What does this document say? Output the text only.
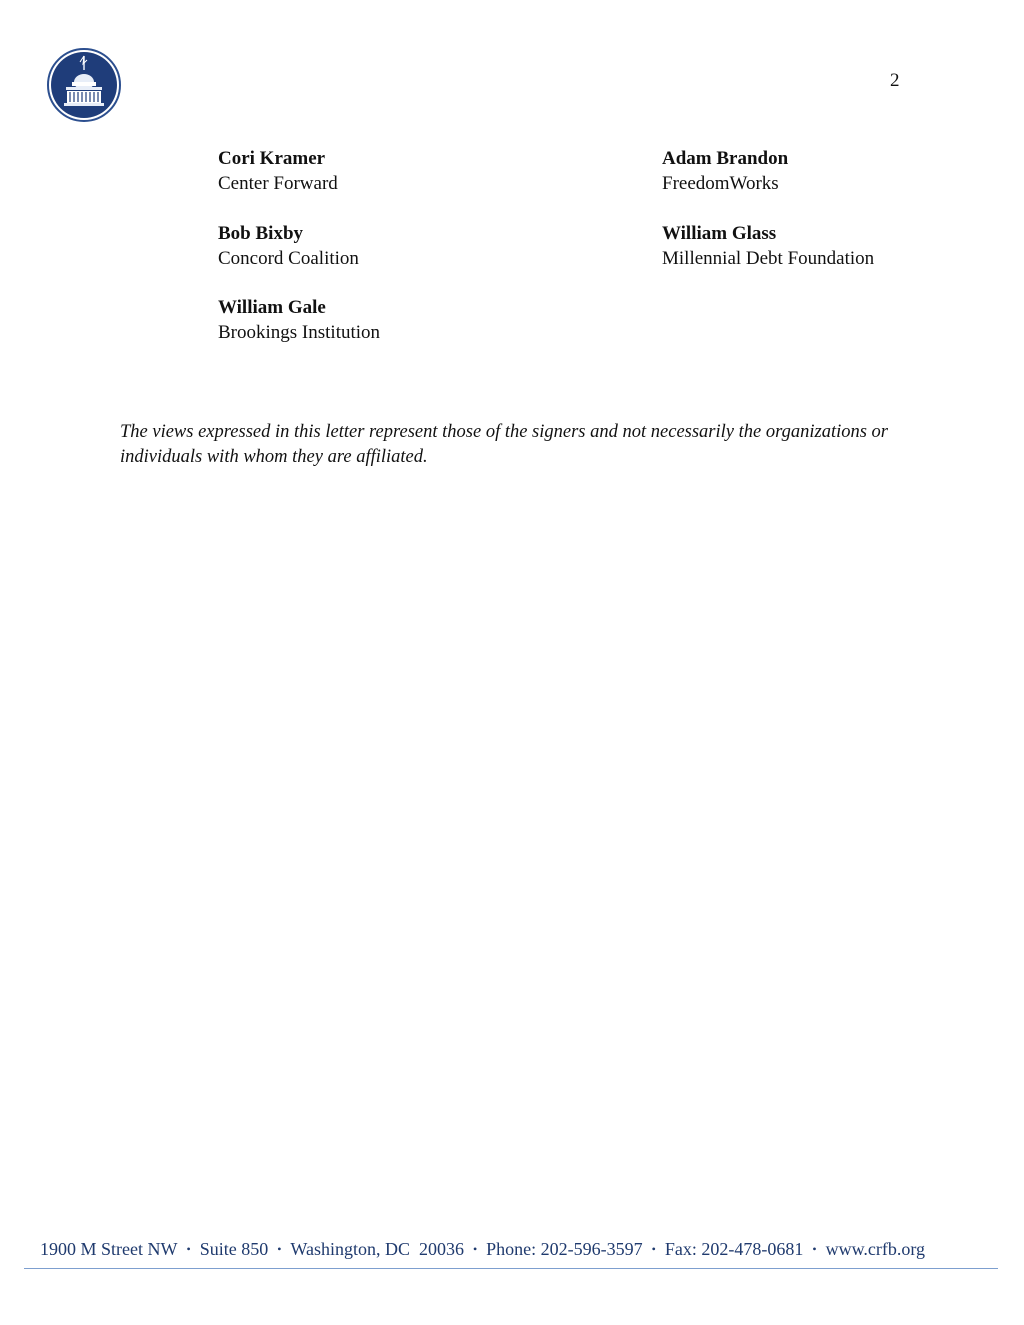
2
Cori Kramer
Center Forward
Adam Brandon
FreedomWorks
Bob Bixby
Concord Coalition
William Glass
Millennial Debt Foundation
William Gale
Brookings Institution
The views expressed in this letter represent those of the signers and not necessarily the organizations or individuals with whom they are affiliated.
1900 M Street NW • Suite 850 • Washington, DC  20036 • Phone: 202-596-3597 • Fax: 202-478-0681 • www.crfb.org
